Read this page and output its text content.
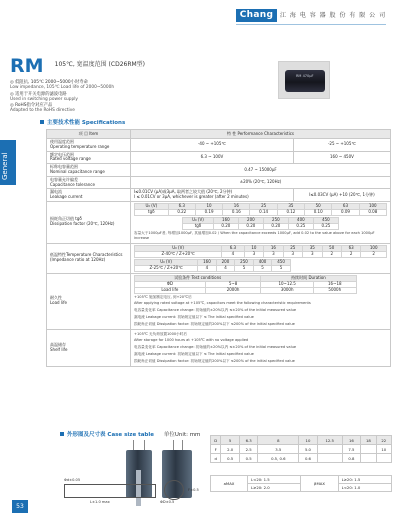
Chang	江 海 电 容 器 股 份 有 限 公 司
RM 105℃, 宽温度范围 (CD26RM型)
◎ 低阻抗, 105℃ 2000~5000小时寿命
Low impedance, 105℃ Load life of 2000~5000h
◎ 适用于开关电源的滤波电路
Used in switching power supply
◎ RoHS指令对应产品
Adapted to the RoHS directive
RM 470μF
主要技术性能 Specifications
General
项 目 Item	特 性 Performance Characteristics

使用温度范围
Operating temperature range	-40 ~ +105℃	-25 ~ +105℃

额定电压范围
Rated voltage range	6.3 ~ 100V	160 ~ 450V

标称电容量范围
Nominal capacitance range	0.47 ~ 15000μF

电容量允许偏差
Capacitance tolerance	±20% (20℃, 120Hz)

漏电流
Leakage current

I≤0.01CV (μA)或3μA, 取两者之较大值 (20℃, 2分钟)
I ≤ 0.01CV or 3μA, whichever is greater (after 2 minutes)	I≤0.03CV (μA) +10 (20℃, 1分钟)

损耗角正切值 tgδ
Dissipation factor (20℃, 120Hz)

U₀ (V)	6.3	10	16	25	35	50	63	100
tgδ	0.22	0.19	0.16	0.14	0.12	0.10	0.09	0.08
U₀ (V)	160	200	250	400	450
tgδ	0.20	0.20	0.20	0.25	0.25
容量大于1000μF者, 每增加1000μF, 其值增加0.02 / When the capacitance exceeds 1000μF, add 0.02 to the value above for each 1000μF increase

低温特性Temperature Characteristics
(Impedance ratio at 120Hz)

U₀ (V)	6.3	10	16	25	35	50	63	100
Z-40℃ / Z+20℃	4	3	3	3	3	2	2	2
U₀ (V)	160	200	250	400	450
Z-25℃ / Z+20℃	4	4	5	5	5

耐久性
Load life

试验条件 Test conditions	持续时间 Duration
ΦD	5~8	10~12.5	16~18
Load life	2000h	3000h	5000h
+105℃ 施加额定电压, 到+20℃后
After applying rated voltage at +105℃, capacitors meet the following characteristic requirements
电容量变化率 Capacitance change: 初始值的±20%以内 ≤±20% of the initial measured value
漏电流 Leakage current: 初始规定值以下 ≤ The initial specified value
损耗角正切值 Dissipation factor: 初始规定值的200%以下 ≤200% of the initial specified value

高温储存
Shelf life

+105℃ 无负荷放置1000小时后
After storage for 1000 hours at +105℃ with no voltage applied
电容量变化率 Capacitance change: 初始值的±20%以内 ≤±20% of the initial measured value
漏电流 Leakage current: 初始规定值以下 ≤ The initial specified value
损耗角正切值 Dissipation factor: 初始规定值的200%以下 ≤200% of the initial specified value
外形图及尺寸表 Case size table 单位Unit: mm
D	5	6.3	8	10	12.5	16	18	22
F	2.0	2.5	3.5	5.0		7.5		10
d	0.5	0.5	0.5, 0.6	0.6		0.8		
L±1.0 max	ΦD±0.5
Φd±0.05
F±0.5
aMAX	L<20: 1.5	βMAX	L≥20: 1.5
	L≥20: 2.0		L<20: 1.0
53
